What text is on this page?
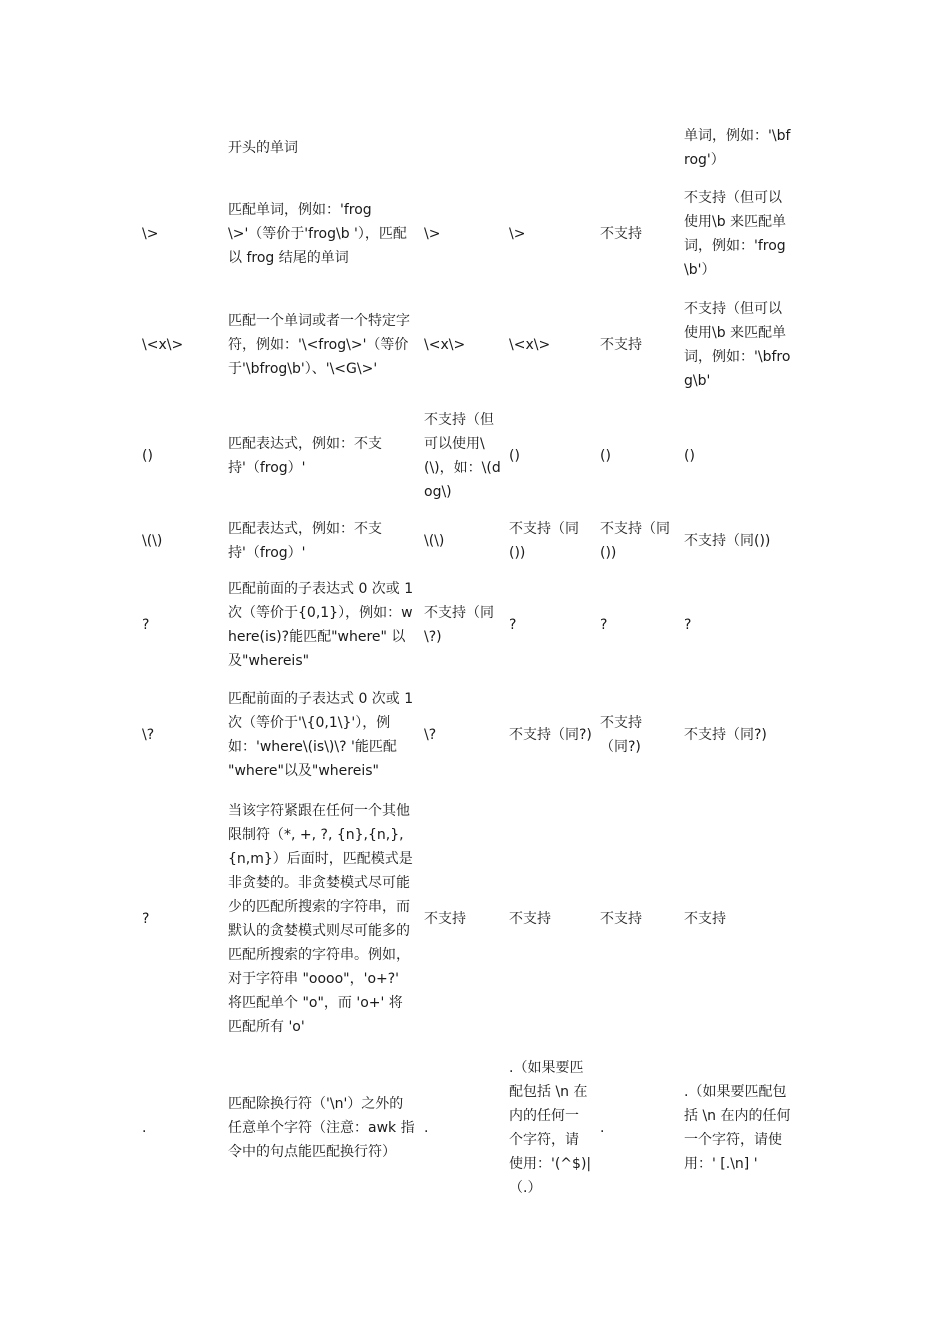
	开头的单词				单词，例如：'\bfrog'）
\>	匹配单词，例如：'frog\>'（等价于'frog\b '），匹配以 frog 结尾的单词	\>	\>	不支持	不支持（但可以使用\b 来匹配单词，例如：'frog\b'）
\<x\>	匹配一个单词或者一个特定字符，例如：'\<frog\>'（等价于'\bfrog\b'）、'\<G\>'	\<x\>	\<x\>	不支持	不支持（但可以使用\b 来匹配单词，例如：'\bfrog\b'
()	匹配表达式，例如：不支持'（frog）'	不支持（但可以使用\(\)，如：\(dog\)	()	()	()
\(\)	匹配表达式，例如：不支持'（frog）'	\(\)	不支持（同())	不支持（同())	不支持（同())
?	匹配前面的子表达式 0 次或 1 次（等价于{0,1}），例如：where(is)?能匹配"where" 以及"whereis"	不支持（同\?)	?	?	?
\?	匹配前面的子表达式 0 次或 1 次（等价于'\{0,1\}'），例如：'where\(is\)\? '能匹配 "where"以及"whereis"	\?	不支持（同?)	不支持（同?)	不支持（同?)
?	当该字符紧跟在任何一个其他限制符（*, +, ?, {n},{n,}, {n,m}）后面时，匹配模式是非贪婪的。非贪婪模式尽可能少的匹配所搜索的字符串，而默认的贪婪模式则尽可能多的匹配所搜索的字符串。例如，对于字符串 "oooo"，'o+?' 将匹配单个 "o"，而 'o+' 将匹配所有 'o'	不支持	不支持	不支持	不支持
.	匹配除换行符（'\n'）之外的任意单个字符（注意：awk 指令中的句点能匹配换行符）	.	.（如果要匹配包括 \n 在内的任何一个字符，请使用：'(^$)|（.）	.	.（如果要匹配包括 \n 在内的任何一个字符，请使用：' [.\n] '
